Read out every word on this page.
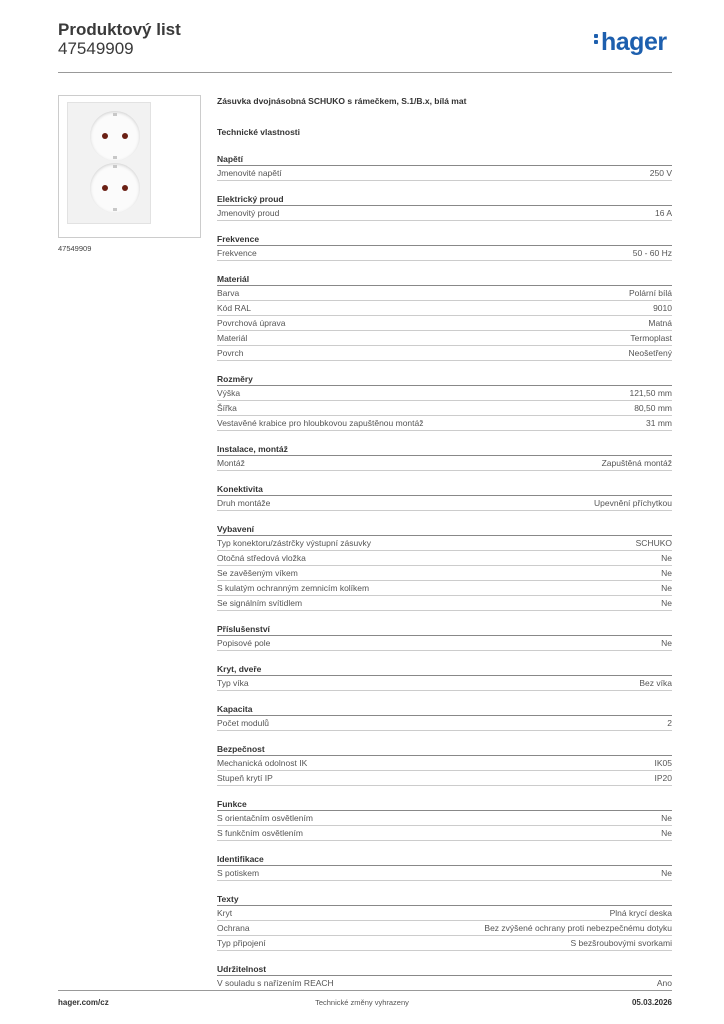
Produktový list
47549909	hager
47549909
Zásuvka dvojnásobná SCHUKO s rámečkem, S.1/B.x, bílá mat
Technické vlastnosti
Napětí
Jmenovité napětí	250 V
Elektrický proud
Jmenovitý proud	16 A
Frekvence
Frekvence	50 - 60 Hz
Materiál
Barva	Polární bílá
Kód RAL	9010
Povrchová úprava	Matná
Materiál	Termoplast
Povrch	Neošetřený
Rozměry
Výška	121,50 mm
Šířka	80,50 mm
Vestavěné krabice pro hloubkovou zapuštěnou montáž	31 mm
Instalace, montáž
Montáž	Zapuštěná montáž
Konektivita
Druh montáže	Upevnění příchytkou
Vybavení
Typ konektoru/zástrčky výstupní zásuvky	SCHUKO
Otočná středová vložka	Ne
Se zavěšeným víkem	Ne
S kulatým ochranným zemnicím kolíkem	Ne
Se signálním svítidlem	Ne
Příslušenství
Popisové pole	Ne
Kryt, dveře
Typ víka	Bez víka
Kapacita
Počet modulů	2
Bezpečnost
Mechanická odolnost IK	IK05
Stupeň krytí IP	IP20
Funkce
S orientačním osvětlením	Ne
S funkčním osvětlením	Ne
Identifikace
S potiskem	Ne
Texty
Kryt	Plná krycí deska
Ochrana	Bez zvýšené ochrany proti nebezpečnému dotyku
Typ připojení	S bezšroubovými svorkami
Udržitelnost
V souladu s nařízením REACH	Ano
hager.com/cz	Technické změny vyhrazeny	05.03.2026
